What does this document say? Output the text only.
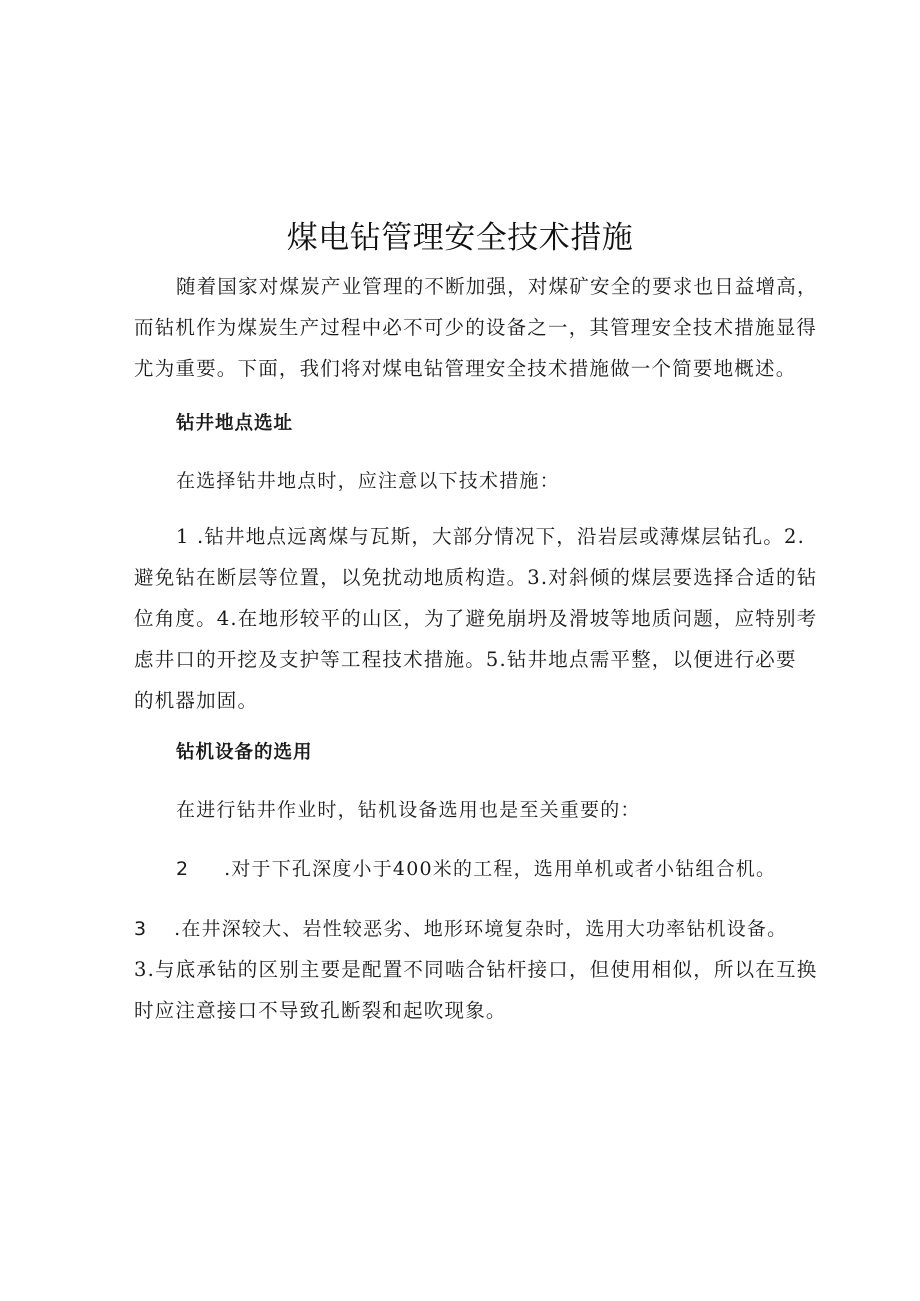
煤电钻管理安全技术措施
随着国家对煤炭产业管理的不断加强，对煤矿安全的要求也日益增高，
而钻机作为煤炭生产过程中必不可少的设备之一，其管理安全技术措施显得
尤为重要。下面，我们将对煤电钻管理安全技术措施做一个简要地概述。
钻井地点选址
在选择钻井地点时，应注意以下技术措施：
1 .钻井地点远离煤与瓦斯，大部分情况下，沿岩层或薄煤层钻孔。2.
避免钻在断层等位置，以免扰动地质构造。3.对斜倾的煤层要选择合适的钻
位角度。4.在地形较平的山区，为了避免崩坍及滑坡等地质问题，应特别考
虑井口的开挖及支护等工程技术措施。5.钻井地点需平整，以便进行必要
的机器加固。
钻机设备的选用
在进行钻井作业时，钻机设备选用也是至关重要的：
2 .对于下孔深度小于400米的工程，选用单机或者小钻组合机。
3 .在井深较大、岩性较恶劣、地形环境复杂时，选用大功率钻机设备。
3.与底承钻的区别主要是配置不同啮合钻杆接口，但使用相似，所以在互换
时应注意接口不导致孔断裂和起吹现象。
